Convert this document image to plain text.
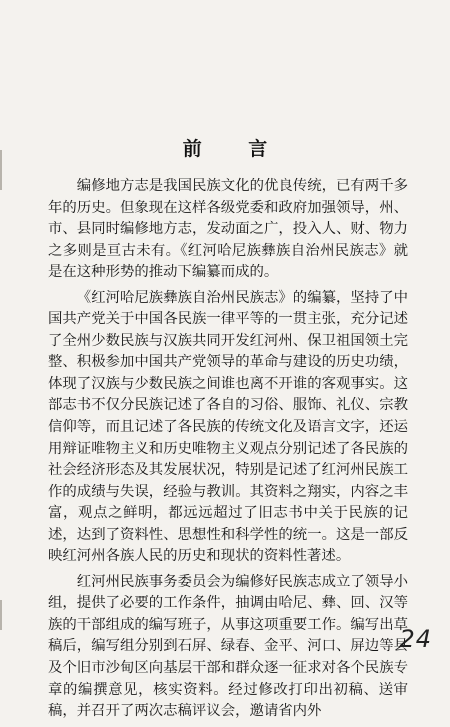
前 言

编修地方志是我国民族文化的优良传统，已有两千多年的历史。但象现在这样各级党委和政府加强领导，州、市、县同时编修地方志，发动面之广，投入人、财、物力之多则是亘古未有。《红河哈尼族彝族自治州民族志》就是在这种形势的推动下编纂而成的。

《红河哈尼族彝族自治州民族志》的编纂，坚持了中国共产党关于中国各民族一律平等的一贯主张，充分记述了全州少数民族与汉族共同开发红河州、保卫祖国领土完整、积极参加中国共产党领导的革命与建设的历史功绩，体现了汉族与少数民族之间谁也离不开谁的客观事实。这部志书不仅分民族记述了各自的习俗、服饰、礼仪、宗教信仰等，而且记述了各民族的传统文化及语言文字，还运用辩证唯物主义和历史唯物主义观点分别记述了各民族的社会经济形态及其发展状况，特别是记述了红河州民族工作的成绩与失误，经验与教训。其资料之翔实，内容之丰富，观点之鲜明，都远远超过了旧志书中关于民族的记述，达到了资料性、思想性和科学性的统一。这是一部反映红河州各族人民的历史和现状的资料性著述。

红河州民族事务委员会为编修好民族志成立了领导小组，提供了必要的工作条件，抽调由哈尼、彝、回、汉等族的干部组成的编写班子，从事这项重要工作。编写出草稿后，编写组分别到石屏、绿春、金平、河口、屏边等县及个旧市沙甸区向基层干部和群众逐一征求对各个民族专章的编撰意见，核实资料。经过修改打印出初稿、送审稿，并召开了两次志稿评议会，邀请省内外

24
